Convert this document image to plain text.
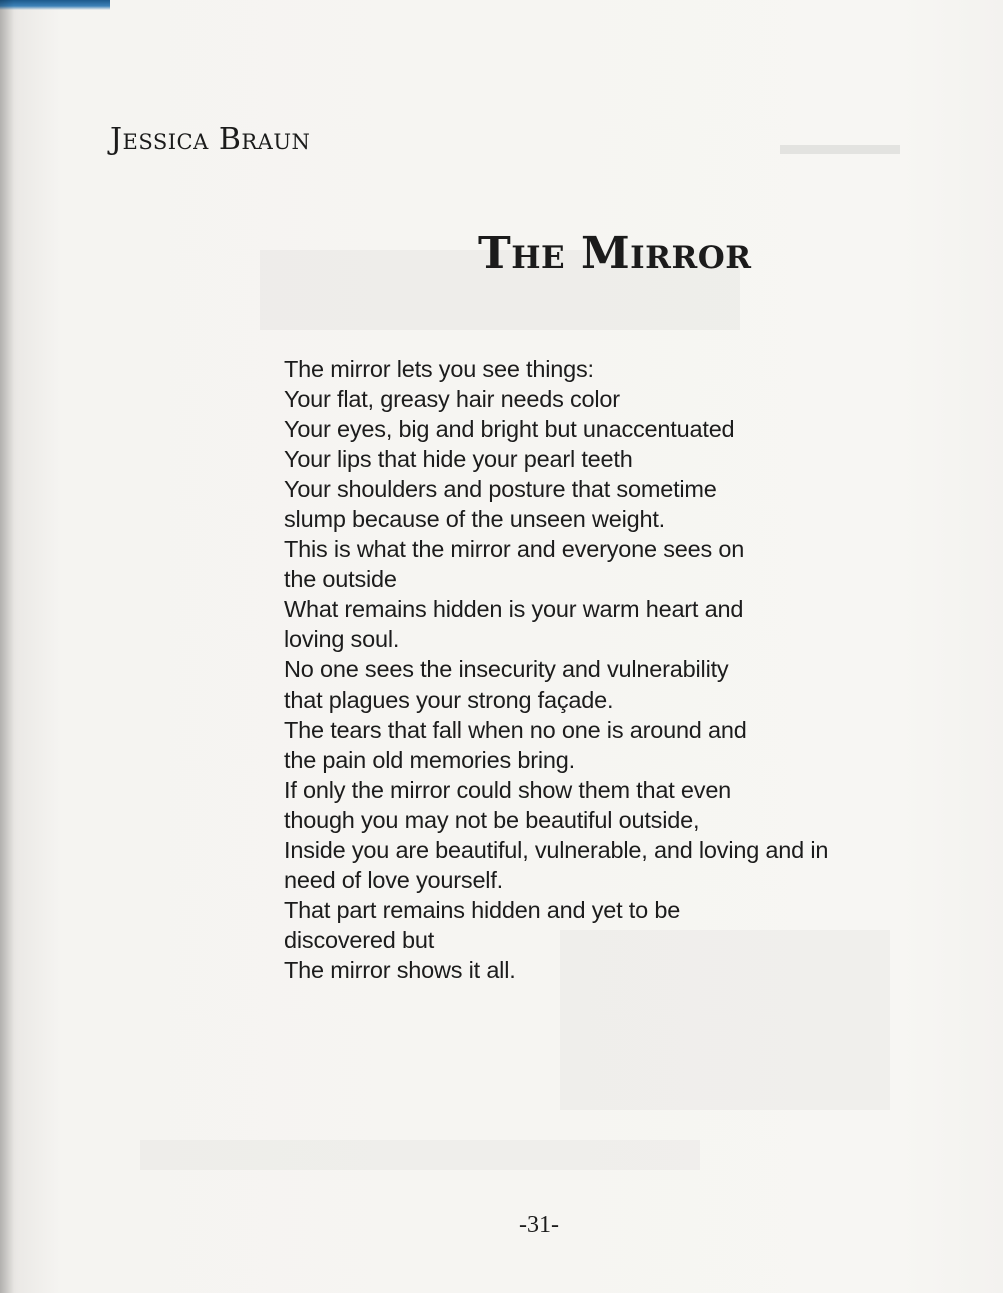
▬▬▬▬
Jessica Braun
The Mirror
The mirror lets you see things:
Your flat, greasy hair needs color
Your eyes, big and bright but unaccentuated
Your lips that hide your pearl teeth
Your shoulders and posture that sometime
slump because of the unseen weight.
This is what the mirror and everyone sees on
the outside
What remains hidden is your warm heart and
loving soul.
No one sees the insecurity and vulnerability
that plagues your strong façade.
The tears that fall when no one is around and
the pain old memories bring.
If only the mirror could show them that even
though you may not be beautiful outside,
Inside you are beautiful, vulnerable, and loving and in
need of love yourself.
That part remains hidden and yet to be
discovered but
The mirror shows it all.
-31-
